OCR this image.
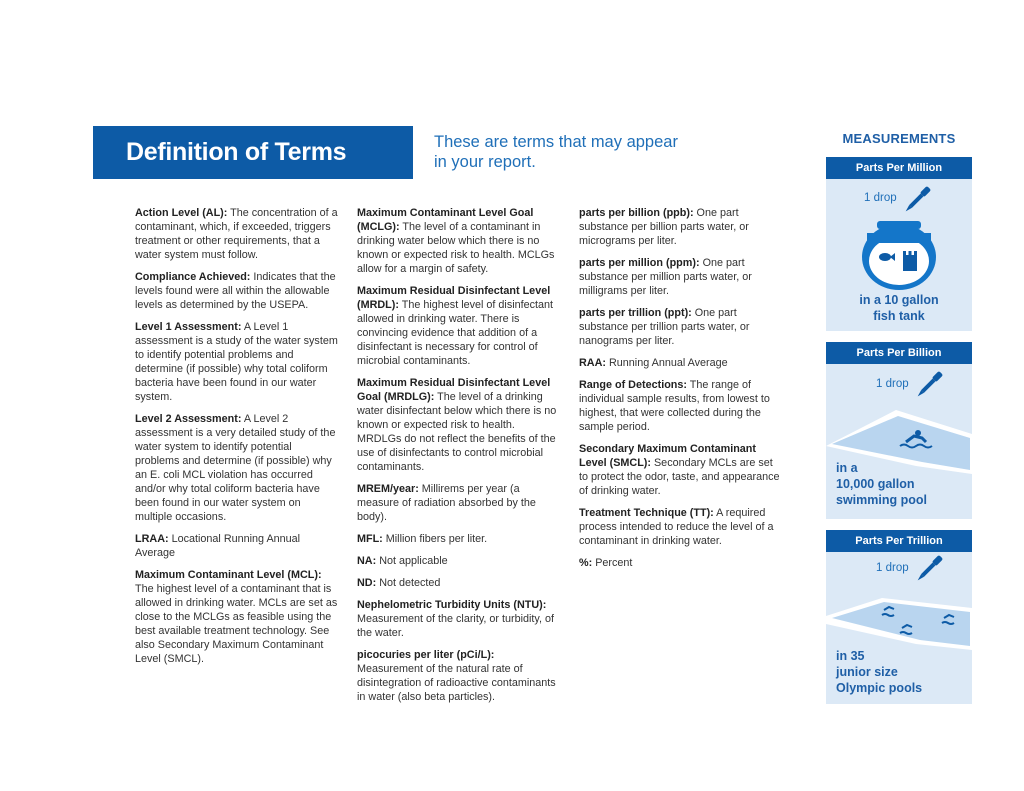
Definition of Terms	These are terms that may appear in your report.

Action Level (AL): The concentration of a contaminant, which, if exceeded, triggers treatment or other requirements, that a water system must follow.

Compliance Achieved: Indicates that the levels found were all within the allowable levels as determined by the USEPA.

Level 1 Assessment: A Level 1 assessment is a study of the water system to identify potential problems and determine (if possible) why total coliform bacteria have been found in our water system.

Level 2 Assessment: A Level 2 assessment is a very detailed study of the water system to identify potential problems and determine (if possible) why an E. coli MCL violation has occurred and/or why total coliform bacteria have been found in our water system on multiple occasions.

LRAA: Locational Running Annual Average

Maximum Contaminant Level (MCL): The highest level of a contaminant that is allowed in drinking water. MCLs are set as close to the MCLGs as feasible using the best available treatment technology. See also Secondary Maximum Contaminant Level (SMCL).

Maximum Contaminant Level Goal (MCLG): The level of a contaminant in drinking water below which there is no known or expected risk to health. MCLGs allow for a margin of safety.

Maximum Residual Disinfectant Level (MRDL): The highest level of disinfectant allowed in drinking water. There is convincing evidence that addition of a disinfectant is necessary for control of microbial contaminants.

Maximum Residual Disinfectant Level Goal (MRDLG): The level of a drinking water disinfectant below which there is no known or expected risk to health. MRDLGs do not reflect the benefits of the use of disinfectants to control microbial contaminants.

MREM/year: Millirems per year (a measure of radiation absorbed by the body).

MFL: Million fibers per liter.

NA: Not applicable

ND: Not detected

Nephelometric Turbidity Units (NTU): Measurement of the clarity, or turbidity, of the water.

picocuries per liter (pCi/L): Measurement of the natural rate of disintegration of radioactive contaminants in water (also beta particles).

parts per billion (ppb): One part substance per billion parts water, or micrograms per liter.

parts per million (ppm): One part substance per million parts water, or milligrams per liter.

parts per trillion (ppt): One part substance per trillion parts water, or nanograms per liter.

RAA: Running Annual Average

Range of Detections: The range of individual sample results, from lowest to highest, that were collected during the sample period.

Secondary Maximum Contaminant Level (SMCL): Secondary MCLs are set to protect the odor, taste, and appearance of drinking water.

Treatment Technique (TT): A required process intended to reduce the level of a contaminant in drinking water.

%: Percent

MEASUREMENTS
Parts Per Million
1 drop
in a 10 gallon
fish tank
Parts Per Billion
1 drop
in a
10,000 gallon
swimming pool
Parts Per Trillion
1 drop
in 35
junior size
Olympic pools
